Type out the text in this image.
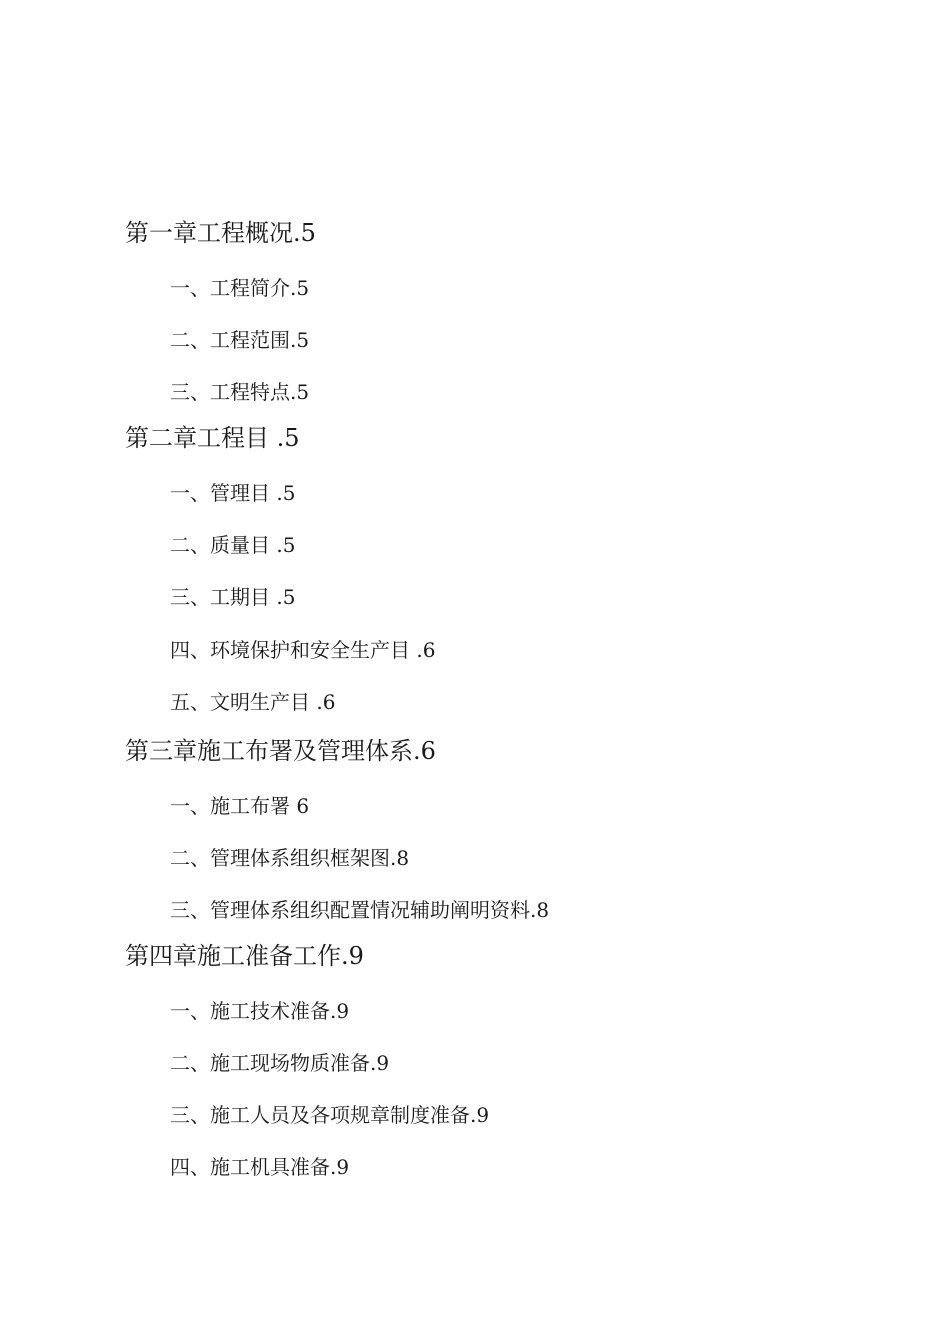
第一章工程概况.5
一、工程简介.5
二、工程范围.5
三、工程特点.5
第二章工程目 .5
一、管理目 .5
二、质量目 .5
三、工期目 .5
四、环境保护和安全生产目 .6
五、文明生产目 .6
第三章施工布署及管理体系.6
一、施工布署 6
二、管理体系组织框架图.8
三、管理体系组织配置情况辅助阐明资料.8
第四章施工准备工作.9
一、施工技术准备.9
二、施工现场物质准备.9
三、施工人员及各项规章制度准备.9
四、施工机具准备.9
